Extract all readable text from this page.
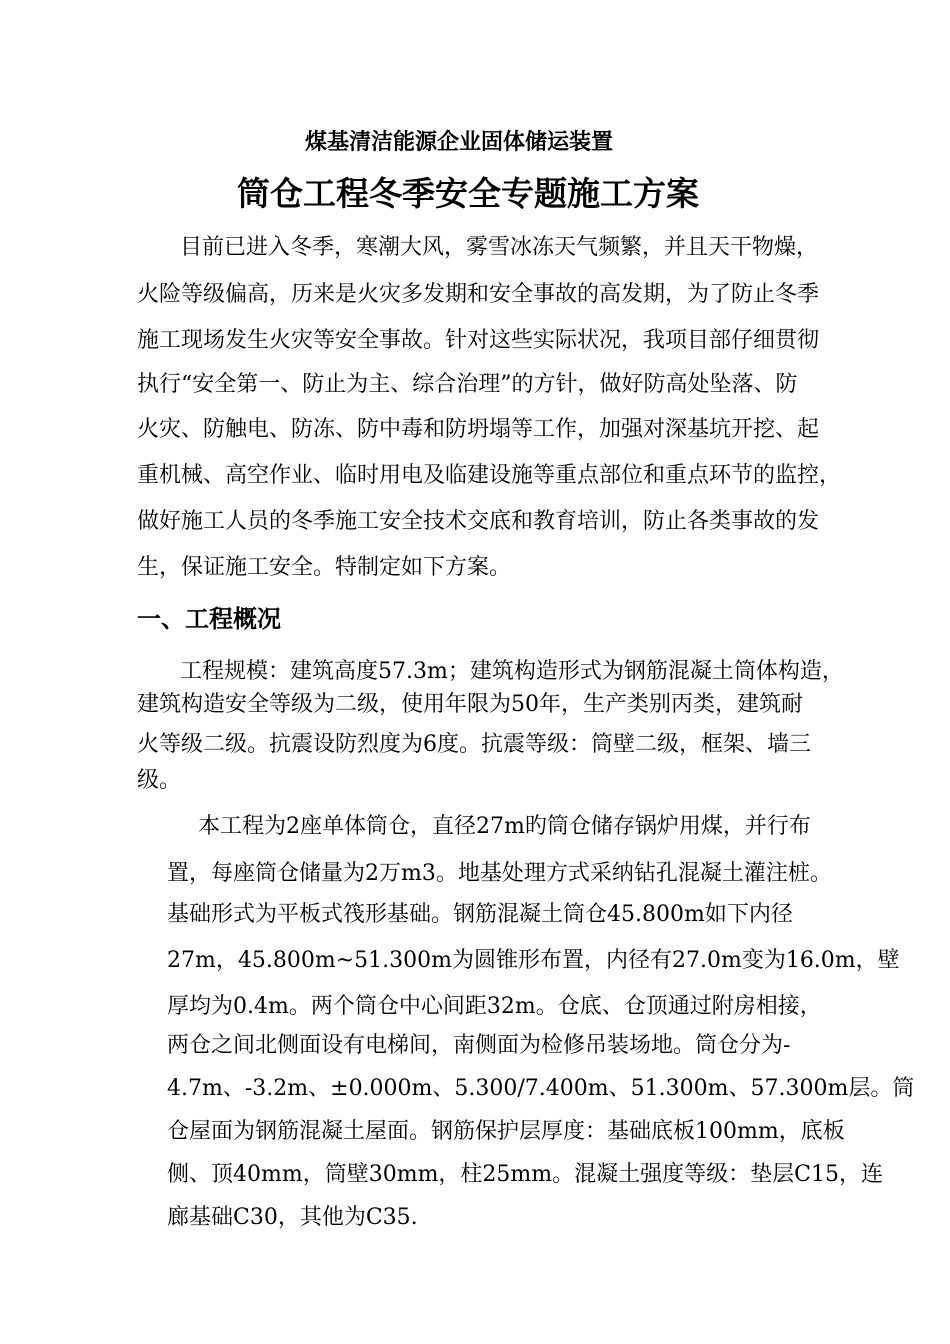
煤基清洁能源企业固体储运装置
筒仓工程冬季安全专题施工方案
目前已进入冬季，寒潮大风，雾雪冰冻天气频繁，并且天干物燥，
火险等级偏高，历来是火灾多发期和安全事故的高发期，为了防止冬季
施工现场发生火灾等安全事故。针对这些实际状况，我项目部仔细贯彻
执行“安全第一、防止为主、综合治理”的方针，做好防高处坠落、防
火灾、防触电、防冻、防中毒和防坍塌等工作，加强对深基坑开挖、起
重机械、高空作业、临时用电及临建设施等重点部位和重点环节的监控，
做好施工人员的冬季施工安全技术交底和教育培训，防止各类事故的发
生，保证施工安全。特制定如下方案。
一、工程概况
工程规模：建筑高度57.3m；建筑构造形式为钢筋混凝土筒体构造，
建筑构造安全等级为二级，使用年限为50年，生产类别丙类，建筑耐
火等级二级。抗震设防烈度为6度。抗震等级：筒壁二级，框架、墙三
级。
本工程为2座单体筒仓，直径27m旳筒仓储存锅炉用煤，并行布
置，每座筒仓储量为2万m3。地基处理方式采纳钻孔混凝土灌注桩。
基础形式为平板式筏形基础。钢筋混凝土筒仓45.800m如下内径
27m，45.800m~51.300m为圆锥形布置，内径有27.0m变为16.0m，壁
厚均为0.4m。两个筒仓中心间距32m。仓底、仓顶通过附房相接，
两仓之间北侧面设有电梯间，南侧面为检修吊装场地。筒仓分为-
4.7m、-3.2m、±0.000m、5.300/7.400m、51.300m、57.300m层。筒
仓屋面为钢筋混凝土屋面。钢筋保护层厚度：基础底板100mm，底板
侧、顶40mm，筒壁30mm，柱25mm。混凝土强度等级：垫层C15，连
廊基础C30，其他为C35.
